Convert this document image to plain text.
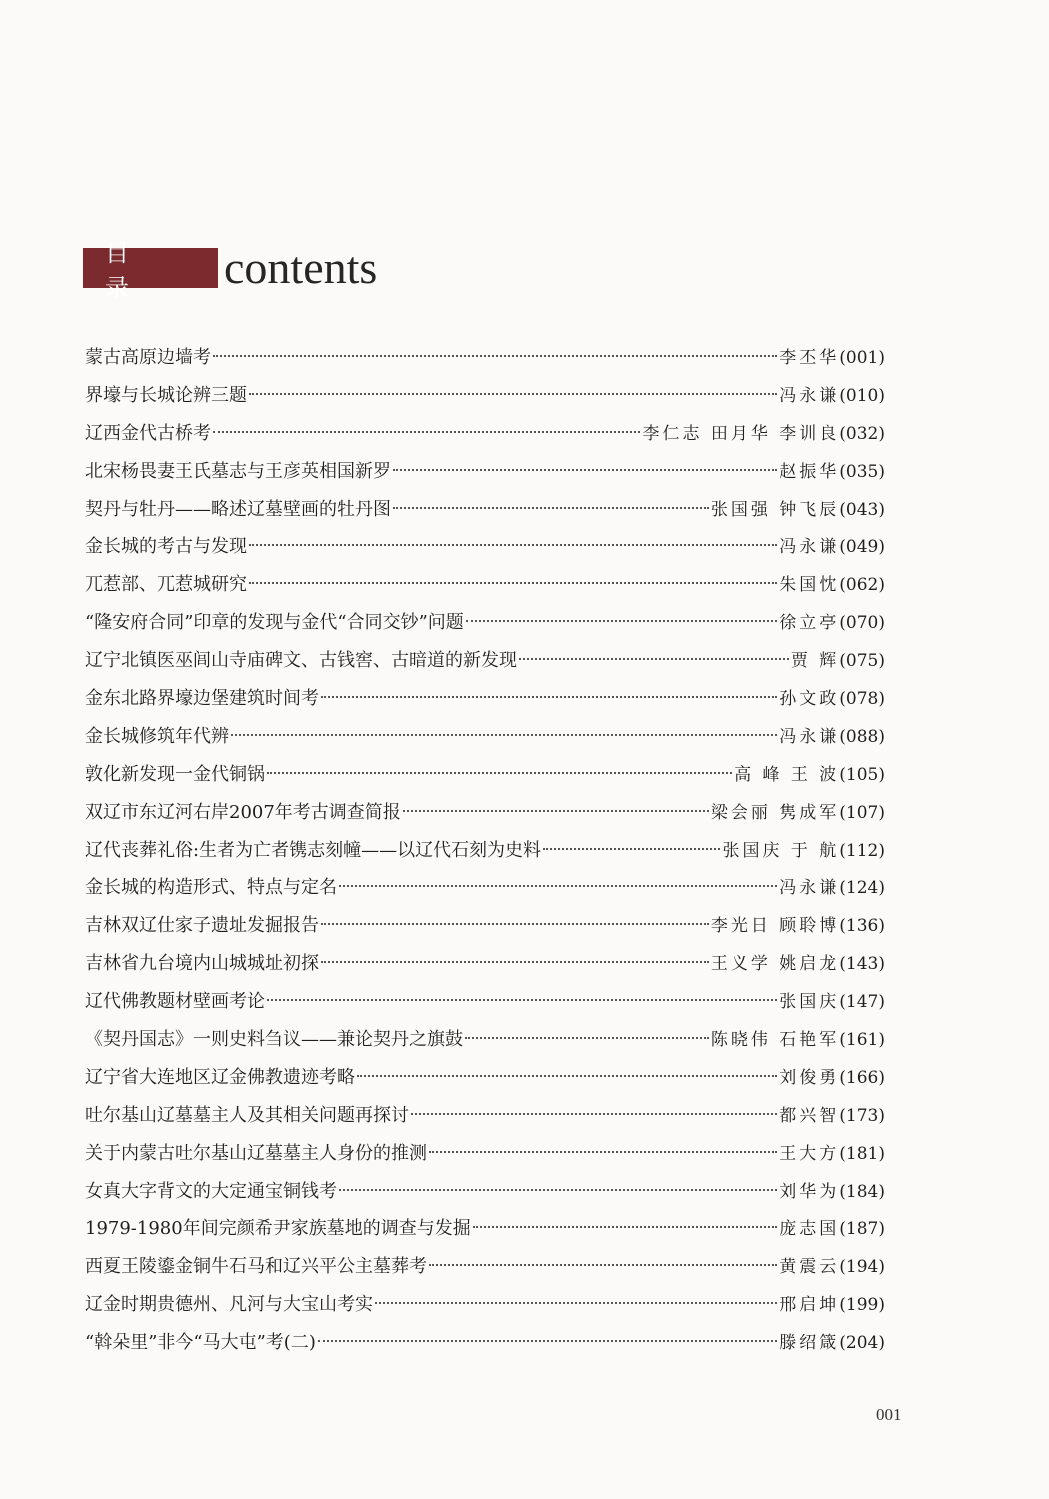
目 录	contents
蒙古高原边墙考	李丕华 (001)
界壕与长城论辨三题	冯永谦 (010)
辽西金代古桥考	李仁志 田月华 李训良 (032)
北宋杨畏妻王氏墓志与王彦英相国新罗	赵振华 (035)
契丹与牡丹——略述辽墓壁画的牡丹图	张国强 钟飞辰 (043)
金长城的考古与发现	冯永谦 (049)
兀惹部、兀惹城研究	朱国忱 (062)
“隆安府合同”印章的发现与金代“合同交钞”问题	徐立亭 (070)
辽宁北镇医巫闾山寺庙碑文、古钱窖、古暗道的新发现	贾 辉 (075)
金东北路界壕边堡建筑时间考	孙文政 (078)
金长城修筑年代辨	冯永谦 (088)
敦化新发现一金代铜锅	高 峰 王 波 (105)
双辽市东辽河右岸2007年考古调查简报	梁会丽 隽成军 (107)
辽代丧葬礼俗:生者为亡者镌志刻幢——以辽代石刻为史料	张国庆 于 航 (112)
金长城的构造形式、特点与定名	冯永谦 (124)
吉林双辽仕家子遗址发掘报告	李光日 顾聆博 (136)
吉林省九台境内山城城址初探	王义学 姚启龙 (143)
辽代佛教题材壁画考论	张国庆 (147)
《契丹国志》一则史料刍议——兼论契丹之旗鼓	陈晓伟 石艳军 (161)
辽宁省大连地区辽金佛教遗迹考略	刘俊勇 (166)
吐尔基山辽墓墓主人及其相关问题再探讨	都兴智 (173)
关于内蒙古吐尔基山辽墓墓主人身份的推测	王大方 (181)
女真大字背文的大定通宝铜钱考	刘华为 (184)
1979-1980年间完颜希尹家族墓地的调查与发掘	庞志国 (187)
西夏王陵鎏金铜牛石马和辽兴平公主墓葬考	黄震云 (194)
辽金时期贵德州、凡河与大宝山考实	邢启坤 (199)
“斡朵里”非今“马大屯”考(二)	滕绍箴 (204)
001
